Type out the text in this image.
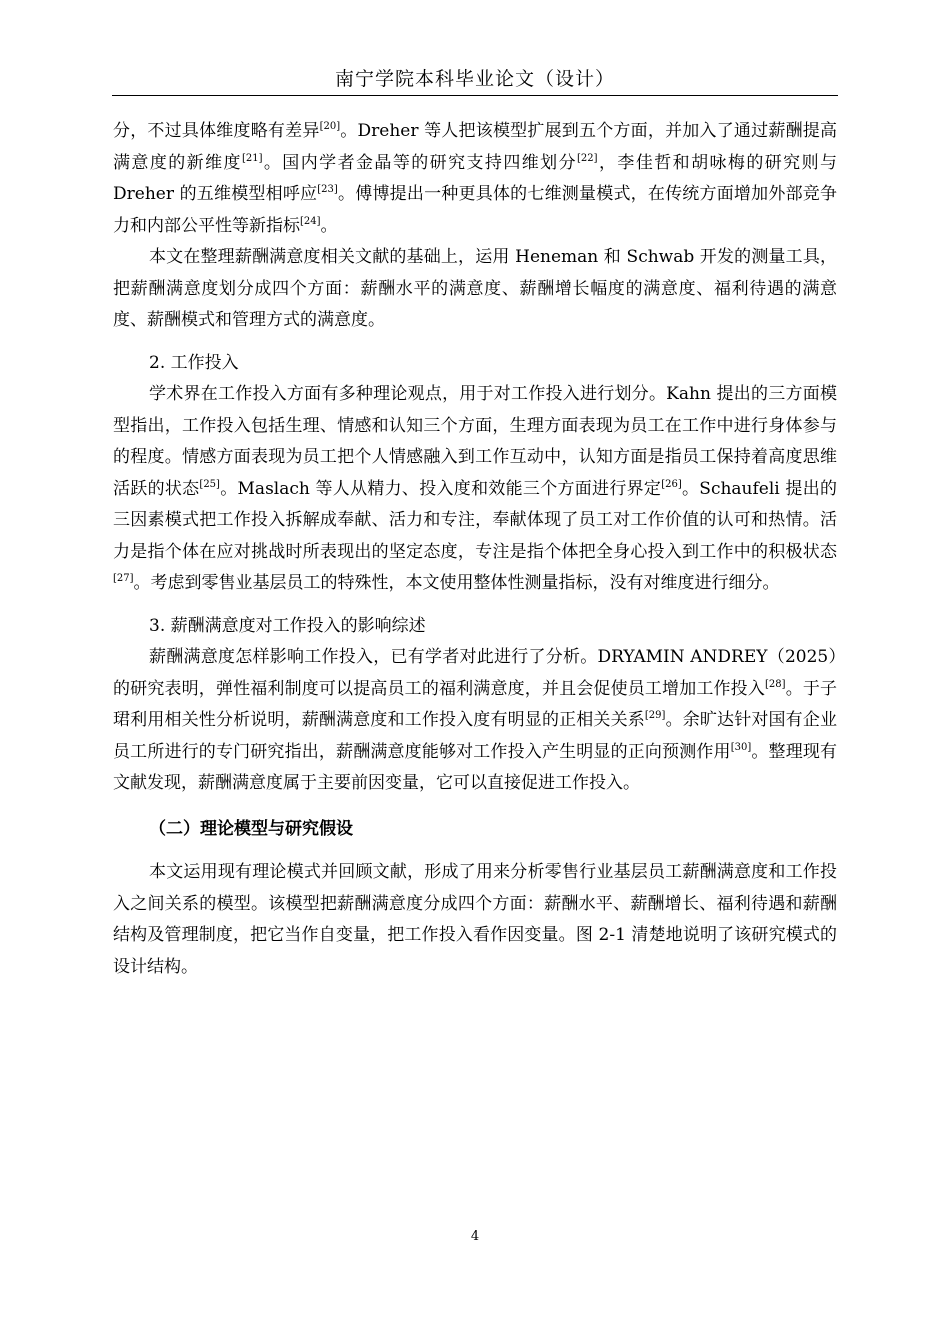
南宁学院本科毕业论文（设计）

分，不过具体维度略有差异[20]。Dreher 等人把该模型扩展到五个方面，并加入了通过薪酬提高满意度的新维度[21]。国内学者金晶等的研究支持四维划分[22]，李佳哲和胡咏梅的研究则与 Dreher 的五维模型相呼应[23]。傅博提出一种更具体的七维测量模式，在传统方面增加外部竞争力和内部公平性等新指标[24]。

本文在整理薪酬满意度相关文献的基础上，运用 Heneman 和 Schwab 开发的测量工具，把薪酬满意度划分成四个方面：薪酬水平的满意度、薪酬增长幅度的满意度、福利待遇的满意度、薪酬模式和管理方式的满意度。

2. 工作投入

学术界在工作投入方面有多种理论观点，用于对工作投入进行划分。Kahn 提出的三方面模型指出，工作投入包括生理、情感和认知三个方面，生理方面表现为员工在工作中进行身体参与的程度。情感方面表现为员工把个人情感融入到工作互动中，认知方面是指员工保持着高度思维活跃的状态[25]。Maslach 等人从精力、投入度和效能三个方面进行界定[26]。Schaufeli 提出的三因素模式把工作投入拆解成奉献、活力和专注，奉献体现了员工对工作价值的认可和热情。活力是指个体在应对挑战时所表现出的坚定态度，专注是指个体把全身心投入到工作中的积极状态[27]。考虑到零售业基层员工的特殊性，本文使用整体性测量指标，没有对维度进行细分。

3. 薪酬满意度对工作投入的影响综述

薪酬满意度怎样影响工作投入，已有学者对此进行了分析。DRYAMIN ANDREY（2025）的研究表明，弹性福利制度可以提高员工的福利满意度，并且会促使员工增加工作投入[28]。于子珺利用相关性分析说明，薪酬满意度和工作投入度有明显的正相关关系[29]。余旷达针对国有企业员工所进行的专门研究指出，薪酬满意度能够对工作投入产生明显的正向预测作用[30]。整理现有文献发现，薪酬满意度属于主要前因变量，它可以直接促进工作投入。

（二）理论模型与研究假设

本文运用现有理论模式并回顾文献，形成了用来分析零售行业基层员工薪酬满意度和工作投入之间关系的模型。该模型把薪酬满意度分成四个方面：薪酬水平、薪酬增长、福利待遇和薪酬结构及管理制度，把它当作自变量，把工作投入看作因变量。图 2-1 清楚地说明了该研究模式的设计结构。

4
